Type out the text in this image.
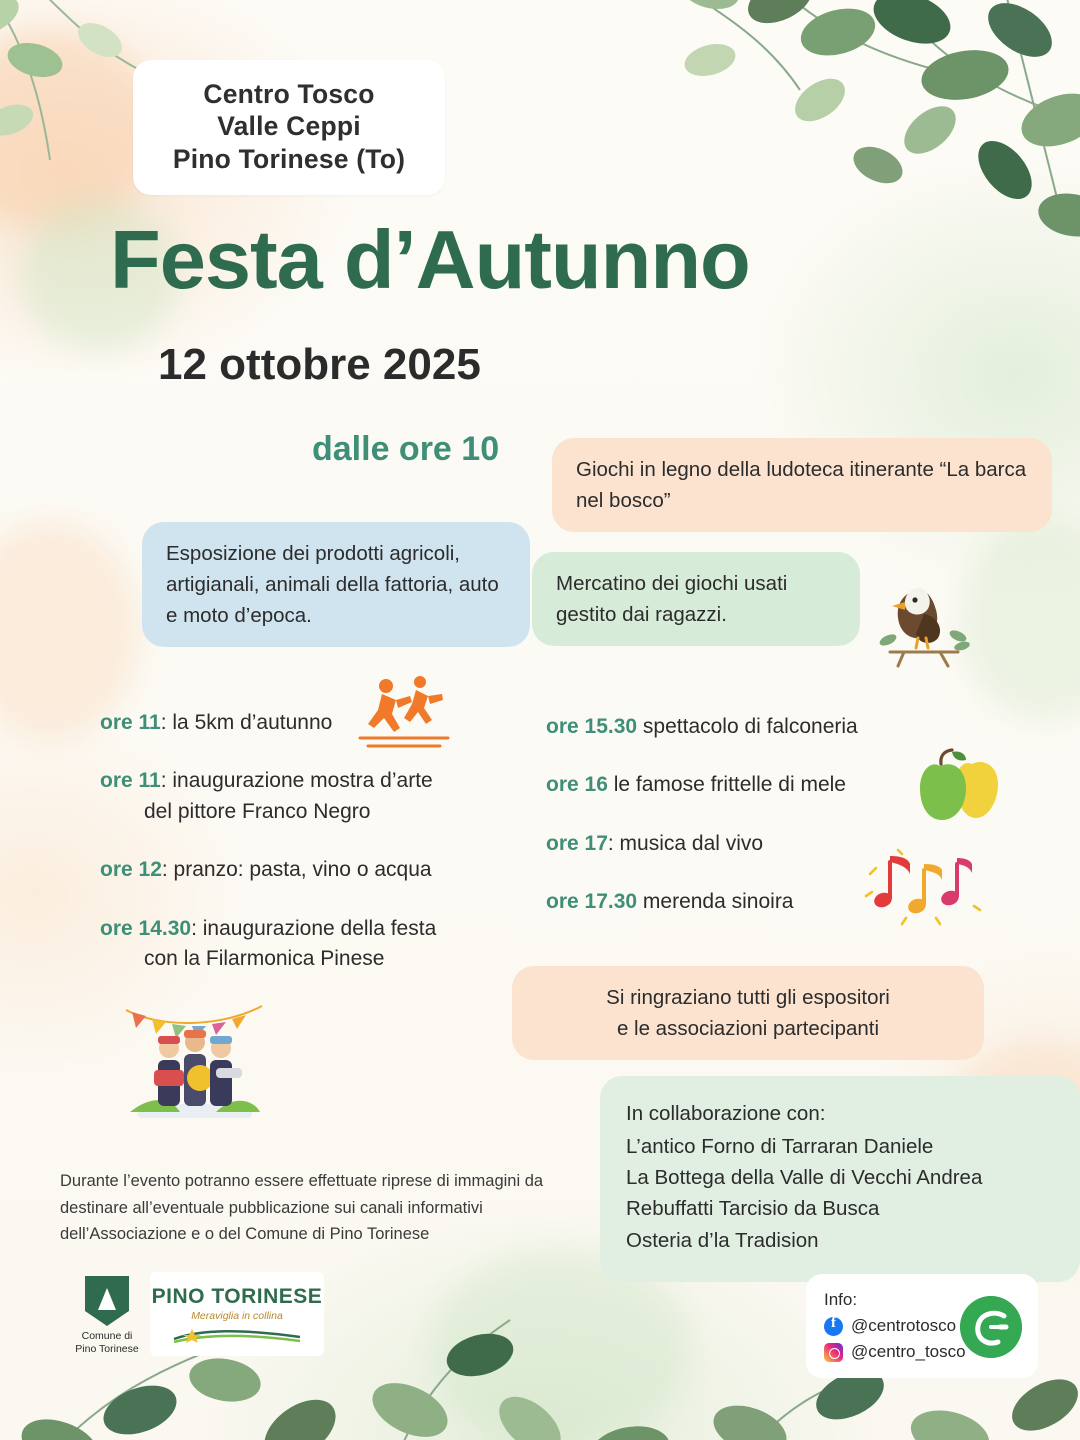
Centro Tosco
Valle Ceppi
Pino Torinese (To)
Festa d’Autunno
12 ottobre 2025
dalle ore 10
Giochi in legno della ludoteca itinerante “La barca nel bosco”
Esposizione dei prodotti agricoli, artigianali, animali della fattoria, auto e moto d’epoca.
Mercatino dei giochi usati gestito dai ragazzi.
ore 11: la 5km d’autunno
ore 11: inaugurazione mostra d’arte
del pittore Franco Negro
ore 12: pranzo: pasta, vino o acqua
ore 14.30: inaugurazione della festa
con la Filarmonica Pinese
ore 15.30 spettacolo di falconeria
ore 16 le famose frittelle di mele
ore 17: musica dal vivo
ore 17.30 merenda sinoira
Si ringraziano tutti gli espositori
e le associazioni partecipanti
In collaborazione con:
L’antico Forno di Tarraran Daniele
La Bottega della Valle di Vecchi Andrea
Rebuffatti Tarcisio da Busca
Osteria d’la Tradision
Durante l’evento potranno essere effettuate riprese di immagini da destinare all’eventuale pubblicazione sui canali informativi dell’Associazione e o del Comune di Pino Torinese
Comune di
Pino Torinese
PINO TORINESE
Meraviglia in collina
Info:
f
@centrotosco
@centro_tosco
